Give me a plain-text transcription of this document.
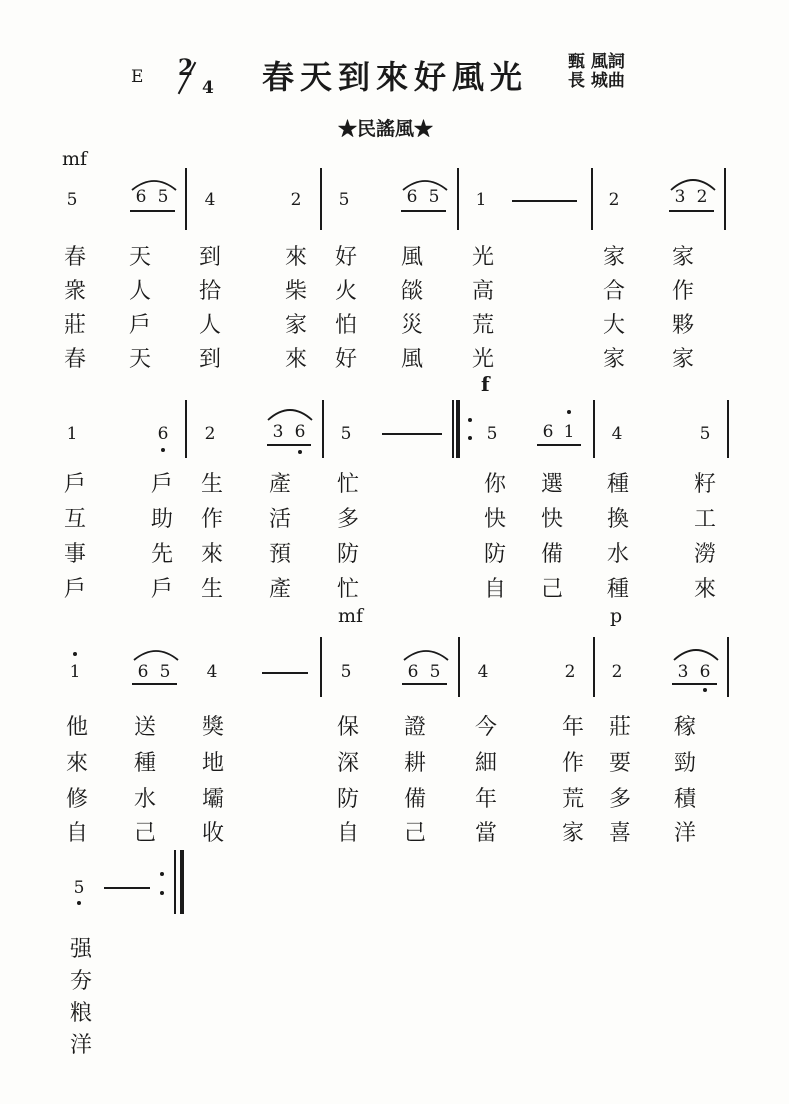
E 2
4 春天到來好風光 甄 風詞
長 城曲
★民謠風★
mf
5	6 5 4	2 5	6 5 1	2	3 2
春 天 到	來 好 風 光	家 家
衆 人 拾	柴 火 燄 高	合 作
莊 戶 人	家 怕 災 荒	大 夥
春 天 到	來 好 風 光	家 家
f
1	6 2	3 6 5	5	6 1 4	5
戶	戶 生 產 忙	你 選 種	籽
互	助 作 活 多	快 快 換	工
事	先 來 預 防	防 備 水	澇
戶	戶 生 產 忙	自 己 種	來
mf	p
1	6 5 4	5	6 5 4	2 2	3 6
他 送 獎	保 證 今	年 莊 稼
來 種 地	深 耕 細	作 要 勁
修 水 壩	防 備 年	荒 多 積
自 己 收	自 己 當	家 喜 洋
5
强
夯
粮
洋
